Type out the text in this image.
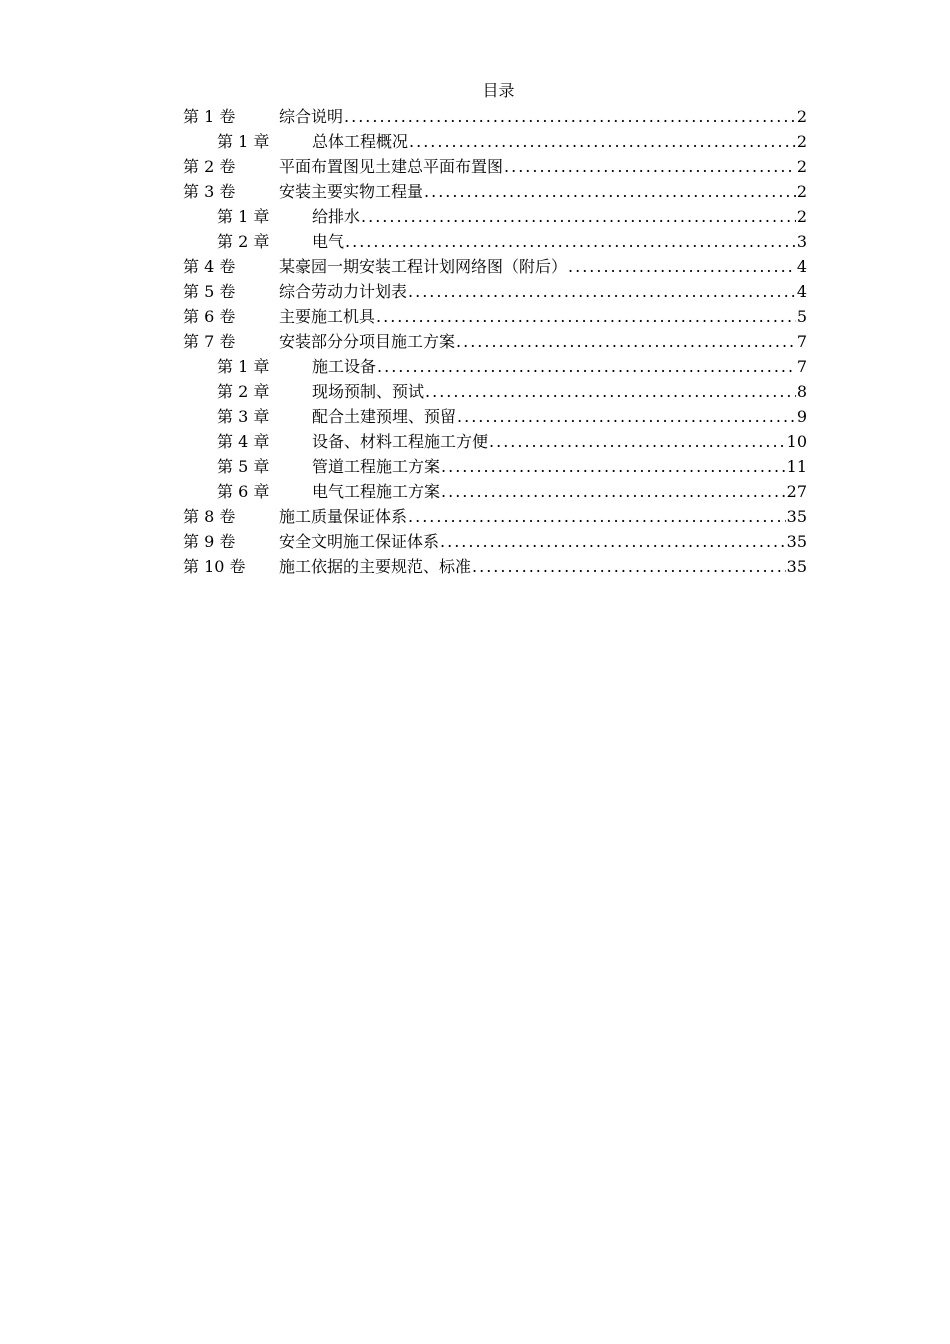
目录
第 1 卷	综合说明 .....	2
第 1 章	总体工程概况 .....	2
第 2 卷	平面布置图见土建总平面布置图 .....	2
第 3 卷	安装主要实物工程量 .....	2
第 1 章	给排水 .....	2
第 2 章	电气 .....	3
第 4 卷	某豪园一期安装工程计划网络图（附后） .....	4
第 5 卷	综合劳动力计划表 .....	4
第 6 卷	主要施工机具 .....	5
第 7 卷	安装部分分项目施工方案 .....	7
第 1 章	施工设备 .....	7
第 2 章	现场预制、预试 .....	8
第 3 章	配合土建预埋、预留 .....	9
第 4 章	设备、材料工程施工方便 .....	10
第 5 章	管道工程施工方案 .....	11
第 6 章	电气工程施工方案 .....	27
第 8 卷	施工质量保证体系 .....	35
第 9 卷	安全文明施工保证体系 .....	35
第 10 卷	施工依据的主要规范、标准 .....	35
